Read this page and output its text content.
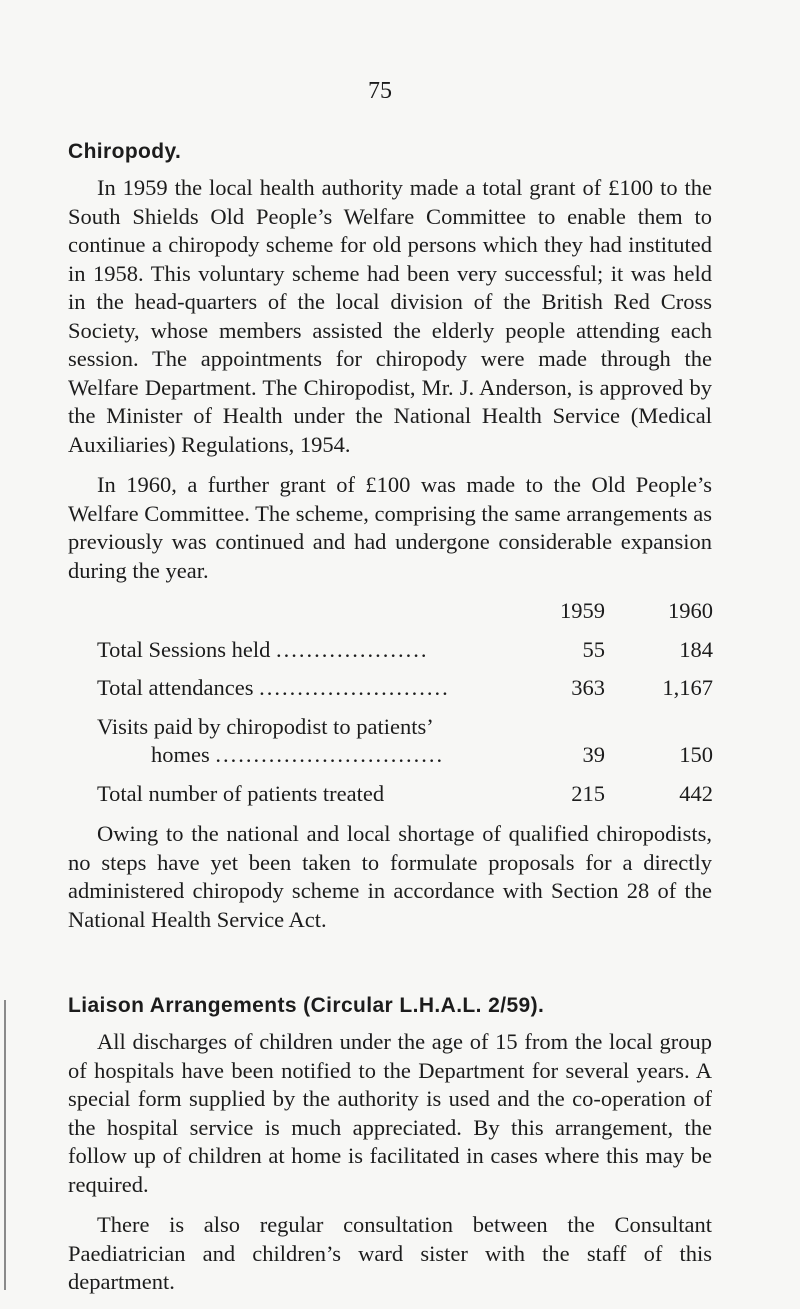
75
Chiropody.

In 1959 the local health authority made a total grant of £100 to the South Shields Old People’s Welfare Committee to enable them to continue a chiropody scheme for old persons which they had instituted in 1958. This voluntary scheme had been very successful; it was held in the head-quarters of the local division of the British Red Cross Society, whose members assisted the elderly people attending each session. The appointments for chiropody were made through the Welfare Department. The Chiropodist, Mr. J. Anderson, is approved by the Minister of Health under the National Health Service (Medical Auxiliaries) Regulations, 1954.

In 1960, a further grant of £100 was made to the Old People’s Welfare Committee. The scheme, comprising the same arrangements as previously was continued and had undergone considerable expansion during the year.

	1959	1960
Total Sessions held ....................	55	184
Total attendances .........................	363	1,167
Visits paid by chiropodist to patients’		
homes ..............................	39	150
Total number of patients treated	215	442

Owing to the national and local shortage of qualified chiropodists, no steps have yet been taken to formulate proposals for a directly administered chiropody scheme in accordance with Section 28 of the National Health Service Act.

Liaison Arrangements (Circular L.H.A.L. 2/59).

All discharges of children under the age of 15 from the local group of hospitals have been notified to the Department for several years. A special form supplied by the authority is used and the co-operation of the hospital service is much appreciated. By this arrangement, the follow up of children at home is facilitated in cases where this may be required.

There is also regular consultation between the Consultant Paediatrician and children’s ward sister with the staff of this department.
